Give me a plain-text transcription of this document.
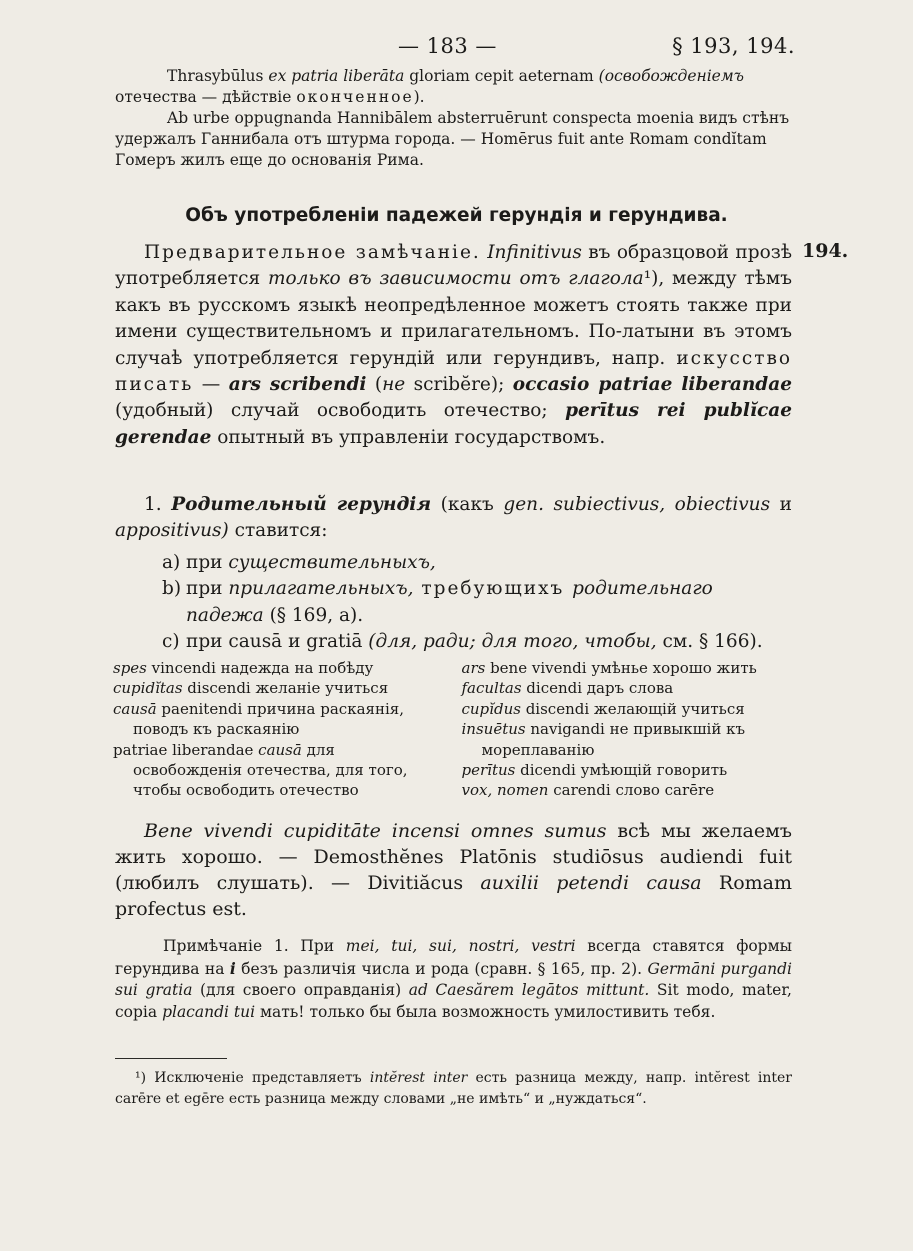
— 183 —	§ 193, 194.

Thrasybūlus ex patria liberāta gloriam cepit aeternam (освобожденіемъ
отечества — дѣйствіе оконченное).

Ab urbe oppugnanda Hannibālem absterruērunt conspecta moenia видъ стѣнъ удержалъ Ганнибала отъ штурма города. — Homērus fuit ante Romam condĭtam Гомеръ жилъ еще до основанія Рима.

Объ употребленіи падежей герундія и герундива.
194.

Предварительное замѣчаніе. Infinitivus въ образцовой прозѣ употребляется только въ зависимости отъ глагола¹), между тѣмъ какъ въ русскомъ языкѣ неопредѣленное можетъ стоять также при имени существительномъ и прилагательномъ. По-латыни въ этомъ случаѣ употребляется герундій или герундивъ, напр. искусство писать — ars scribendi (не scribĕre); occasio patriae liberandae (удобный) случай освободить отечество; perītus rei publĭcae gerendae опытный въ управленіи государствомъ.

1. Родительный герундія (какъ gen. subiectivus, obiectivus и appositivus) ставится:

a) при существительныхъ,
b) при прилагательныхъ, требующихъ родительнаго падежа (§ 169, a).
c) при causā и gratiā (для, ради; для того, чтобы, см. § 166).
spes vincendi надежда на побѣду
cupidĭtas discendi желаніе учиться
causā paenitendi причина раскаянія, поводъ къ раскаянію
patriae liberandae causā для освобожденія отечества, для того, чтобы освободить отечество
ars bene vivendi умѣнье хорошо жить
facultas dicendi даръ слова
cupĭdus discendi желающій учиться
insuētus navigandi не привыкшій къ мореплаванію
perītus dicendi умѣющій говорить
vox, nomen carendi слово carēre

Bene vivendi cupiditāte incensi omnes sumus всѣ мы желаемъ жить хорошо. — Demosthĕnes Platōnis studiōsus audiendi fuit (любилъ слушать). — Divitiăcus auxilii petendi causa Romam profectus est.

Примѣчаніе 1. При mei, tui, sui, nostri, vestri всегда ставятся формы герундива на i безъ различія числа и рода (сравн. § 165, пр. 2). Germāni purgandi sui gratia (для своего оправданія) ad Caesărem legātos mittunt. Sit modo, mater, copia placandi tui мать! только бы была возможность умилостивить тебя.

¹) Исключеніе представляетъ intĕrest inter есть разница между, напр. intĕrest inter carēre et egēre есть разница между словами „не имѣть“ и „нуждаться“.
